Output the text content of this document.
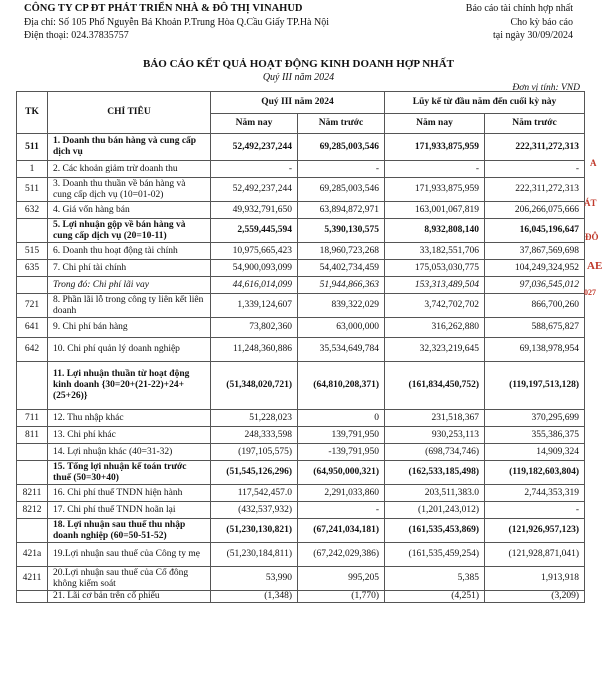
CÔNG TY CP ĐT PHÁT TRIỂN NHÀ & ĐÔ THỊ VINAHUD
Địa chỉ: Số 105 Phố Nguyễn Bá Khoản P.Trung Hòa Q.Cầu Giấy TP.Hà Nội
Điện thoại: 024.37835757
Báo cáo tài chính hợp nhất
Cho kỳ báo cáo
tại ngày 30/09/2024
BÁO CÁO KẾT QUẢ HOẠT ĐỘNG KINH DOANH HỢP NHẤT
Quý III năm 2024
Đơn vị tính: VND
TK	CHỈ TIÊU	Quý III năm 2024		Lũy kế từ đầu năm đến cuối kỳ này	
		Năm nay	Năm trước	Năm nay	Năm trước
511	1. Doanh thu bán hàng và cung cấp dịch vụ	52,492,237,244	69,285,003,546	171,933,875,959	222,311,272,313
1	2. Các khoản giảm trừ doanh thu	-	-	-	-
511	3. Doanh thu thuần về bán hàng và cung cấp dịch vụ (10=01-02)	52,492,237,244	69,285,003,546	171,933,875,959	222,311,272,313
632	4. Giá vốn hàng bán	49,932,791,650	63,894,872,971	163,001,067,819	206,266,075,666
	5. Lợi nhuận gộp về bán hàng và cung cấp dịch vụ (20=10-11)	2,559,445,594	5,390,130,575	8,932,808,140	16,045,196,647
515	6. Doanh thu hoạt động tài chính	10,975,665,423	18,960,723,268	33,182,551,706	37,867,569,698
635	7. Chi phí tài chính	54,900,093,099	54,402,734,459	175,053,030,775	104,249,324,952
	Trong đó: Chi phí lãi vay	44,616,014,099	51,944,866,363	153,313,489,504	97,036,545,012
721	8. Phần lãi lỗ trong công ty liên kết liên doanh	1,339,124,607	839,322,029	3,742,702,702	866,700,260
641	9. Chi phí bán hàng	73,802,360	63,000,000	316,262,880	588,675,827
642	10. Chi phí quản lý doanh nghiệp	11,248,360,886	35,534,649,784	32,323,219,645	69,138,978,954
	11. Lợi nhuận thuần từ hoạt động kinh doanh {30=20+(21-22)+24+(25+26)}	(51,348,020,721)	(64,810,208,371)	(161,834,450,752)	(119,197,513,128)
711	12. Thu nhập khác	51,228,023	0	231,518,367	370,295,699
811	13. Chi phí khác	248,333,598	139,791,950	930,253,113	355,386,375
	14. Lợi nhuận khác (40=31-32)	(197,105,575)	-139,791,950	(698,734,746)	14,909,324
	15. Tổng lợi nhuận kế toán trước thuế (50=30+40)	(51,545,126,296)	(64,950,000,321)	(162,533,185,498)	(119,182,603,804)
8211	16. Chi phí thuế TNDN hiện hành	117,542,457.0	2,291,033,860	203,511,383.0	2,744,353,319
8212	17. Chi phí thuế TNDN hoãn lại	(432,537,932)	-	(1,201,243,012)	-
	18. Lợi nhuận sau thuế thu nhập doanh nghiệp (60=50-51-52)	(51,230,130,821)	(67,241,034,181)	(161,535,453,869)	(121,926,957,123)
421a	19.Lợi nhuận sau thuế của Công ty mẹ	(51,230,184,811)	(67,242,029,386)	(161,535,459,254)	(121,928,871,041)
4211	20.Lợi nhuận sau thuế của Cổ đông không kiểm soát	53,990	995,205	5,385	1,913,918
	21. Lãi cơ bản trên cổ phiếu	(1,348)	(1,770)	(4,251)	(3,209)
A
ÁT
ĐÔ
AE
027
